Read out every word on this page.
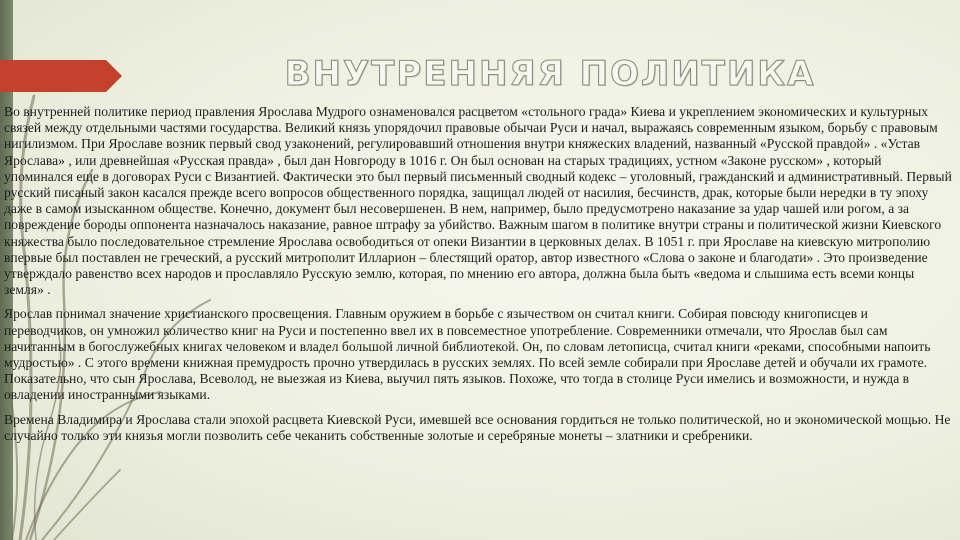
ВНУТРЕННЯЯ ПОЛИТИКА

Во внутренней политике период правления Ярослава Мудрого ознаменовался расцветом «стольного града» Киева и укреплением экономических и культурных связей между отдельными частями государства. Великий князь упорядочил правовые обычаи Руси и начал, выражаясь современным языком, борьбу с правовым нигилизмом. При Ярославе возник первый свод узаконений, регулировавший отношения внутри княжеских владений, названный «Русской правдой» . «Устав Ярослава» , или древнейшая «Русская правда» , был дан Новгороду в 1016 г. Он был основан на старых традициях, устном «Законе русском» , который упоминался еще в договорах Руси с Византией. Фактически это был первый письменный сводный кодекс – уголовный, гражданский и административный. Первый русский писаный закон касался прежде всего вопросов общественного порядка, защищал людей от насилия, бесчинств, драк, которые были нередки в ту эпоху даже в самом изысканном обществе. Конечно, документ был несовершенен. В нем, например, было предусмотрено наказание за удар чашей или рогом, а за повреждение бороды оппонента назначалось наказание, равное штрафу за убийство. Важным шагом в политике внутри страны и политической жизни Киевского княжества было последовательное стремление Ярослава освободиться от опеки Византии в церковных делах. В 1051 г. при Ярославе на киевскую митрополию впервые был поставлен не греческий, а русский митрополит Илларион – блестящий оратор, автор известного «Слова о законе и благодати» . Это произведение утверждало равенство всех народов и прославляло Русскую землю, которая, по мнению его автора, должна была быть «ведома и слышима есть всеми концы земля» .

Ярослав понимал значение христианского просвещения. Главным оружием в борьбе с язычеством он считал книги. Собирая повсюду книгописцев и переводчиков, он умножил количество книг на Руси и постепенно ввел их в повсеместное употребление. Современники отмечали, что Ярослав был сам начитанным в богослужебных книгах человеком и владел большой личной библиотекой. Он, по словам летописца, считал книги «реками, способными напоить мудростью» . С этого времени книжная премудрость прочно утвердилась в русских землях. По всей земле собирали при Ярославе детей и обучали их грамоте. Показательно, что сын Ярослава, Всеволод, не выезжая из Киева, выучил пять языков. Похоже, что тогда в столице Руси имелись и возможности, и нужда в овладении иностранными языками.

Времена Владимира и Ярослава стали эпохой расцвета Киевской Руси, имевшей все основания гордиться не только политической, но и экономической мощью. Не случайно только эти князья могли позволить себе чеканить собственные золотые и серебряные монеты – златники и сребреники.
